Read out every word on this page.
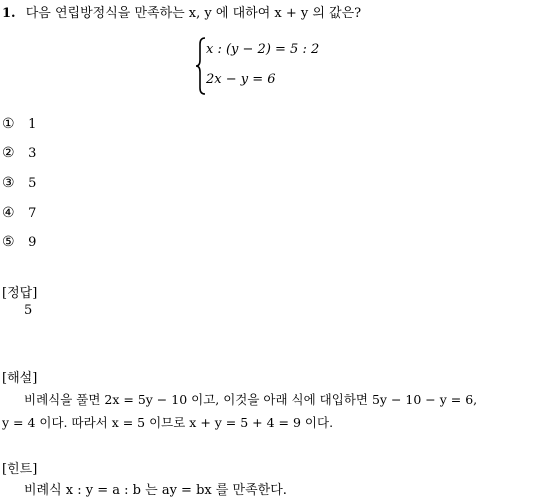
1. 다음 연립방정식을 만족하는 x, y 에 대하여 x + y 의 값은?
x : (y − 2) = 5 : 2
2x − y = 6
① 1
② 3
③ 5
④ 7
⑤ 9
[정답]
5
[해설]
비례식을 풀면 2x = 5y − 10 이고, 이것을 아래 식에 대입하면 5y − 10 − y = 6,
y = 4 이다. 따라서 x = 5 이므로 x + y = 5 + 4 = 9 이다.
[힌트]
비례식 x : y = a : b 는 ay = bx 를 만족한다.
